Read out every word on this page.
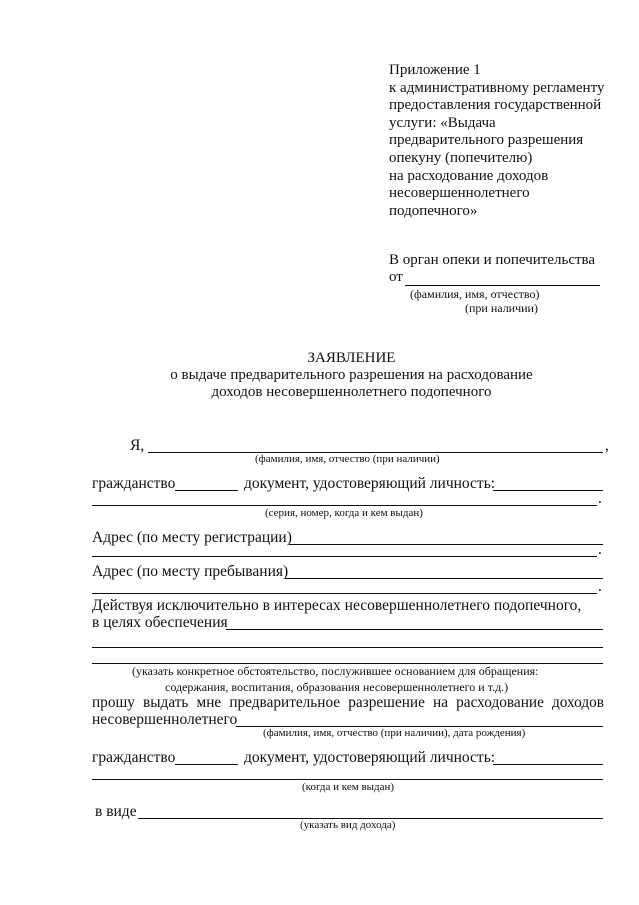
Приложение 1
к административному регламенту
предоставления государственной
услуги: «Выдача
предварительного разрешения
опекуну (попечителю)
на расходование доходов
несовершеннолетнего
подопечного»
В орган опеки и попечительства
от
(фамилия, имя, отчество)
(при наличии)
ЗАЯВЛЕНИЕ
о выдаче предварительного разрешения на расходование
доходов несовершеннолетнего подопечного
Я,	,
(фамилия, имя, отчество (при наличии)
гражданство	документ, удостоверяющий личность:
.
(серия, номер, когда и кем выдан)
Адрес (по месту регистрации)
.
Адрес (по месту пребывания)
.
Действуя исключительно в интересах несовершеннолетнего подопечного,
в целях обеспечения
(указать конкретное обстоятельство, послужившее основанием для обращения:
содержания, воспитания, образования несовершеннолетнего и т.д.)
прошу выдать мне предварительное разрешение на расходование доходов
несовершеннолетнего
(фамилия, имя, отчество (при наличии), дата рождения)
гражданство	документ, удостоверяющий личность:
(когда и кем выдан)
в виде
(указать вид дохода)
